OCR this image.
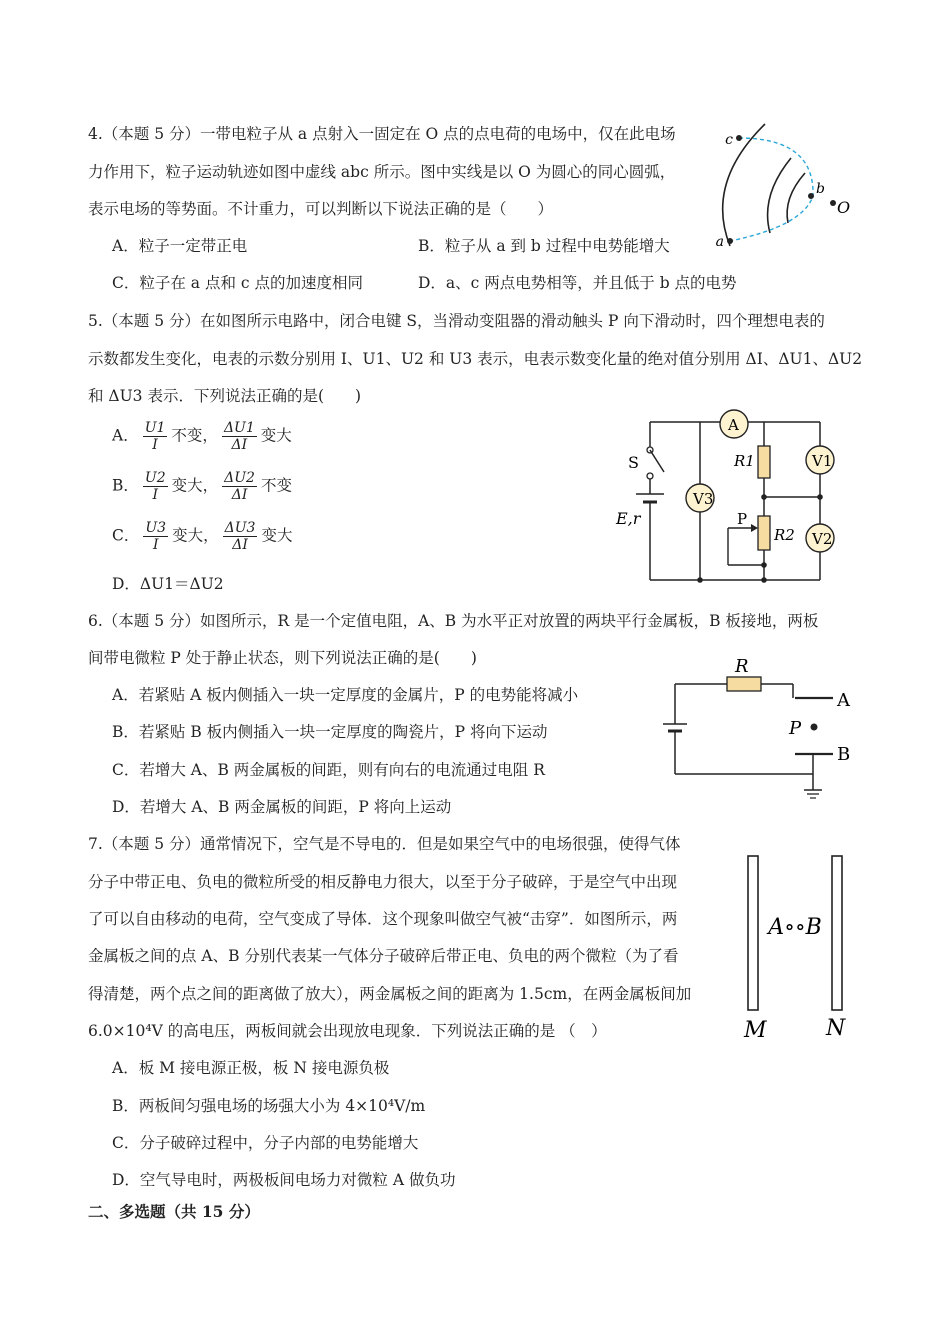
4.（本题 5 分）一带电粒子从 a 点射入一固定在 O 点的点电荷的电场中，仅在此电场
力作用下，粒子运动轨迹如图中虚线 abc 所示。图中实线是以 O 为圆心的同心圆弧，
表示电场的等势面。不计重力，可以判断以下说法正确的是（　　）
A．粒子一定带正电	B．粒子从 a 到 b 过程中电势能增大
C．粒子在 a 点和 c 点的加速度相同	D．a、c 两点电势相等，并且低于 b 点的电势
c
b
a
O
5.（本题 5 分）在如图所示电路中，闭合电键 S，当滑动变阻器的滑动触头 P 向下滑动时，四个理想电表的
示数都发生变化，电表的示数分别用 I、U1、U2 和 U3 表示，电表示数变化量的绝对值分别用 ΔI、ΔU1、ΔU2
和 ΔU3 表示．下列说法正确的是(　　)
A． $\frac{U1}{I}$ 不变， $\frac{\Delta U1}{\Delta I}$ 变大
B． $\frac{U2}{I}$ 变大， $\frac{\Delta U2}{\Delta I}$ 不变
C． $\frac{U3}{I}$ 变大， $\frac{\Delta U3}{\Delta I}$ 变大
D．ΔU1＝ΔU2
S
E,r
V3
A
R1
R2
P
V1
V2
6.（本题 5 分）如图所示，R 是一个定值电阻，A、B 为水平正对放置的两块平行金属板，B 板接地，两板
间带电微粒 P 处于静止状态，则下列说法正确的是(　　)
A．若紧贴 A 板内侧插入一块一定厚度的金属片，P 的电势能将减小
B．若紧贴 B 板内侧插入一块一定厚度的陶瓷片，P 将向下运动
C．若增大 A、B 两金属板的间距，则有向右的电流通过电阻 R
D．若增大 A、B 两金属板的间距，P 将向上运动
R
A
P
B
7.（本题 5 分）通常情况下，空气是不导电的．但是如果空气中的电场很强，使得气体
分子中带正电、负电的微粒所受的相反静电力很大，以至于分子破碎，于是空气中出现
了可以自由移动的电荷，空气变成了导体．这个现象叫做空气被“击穿”．如图所示，两
金属板之间的点 A、B 分别代表某一气体分子破碎后带正电、负电的两个微粒（为了看
得清楚，两个点之间的距离做了放大），两金属板之间的距离为 1.5cm，在两金属板间加
6.0×10⁴V 的高电压，两板间就会出现放电现象．下列说法正确的是 （　）
A．板 M 接电源正极，板 N 接电源负极
B．两板间匀强电场的场强大小为 4×10⁴V/m
C．分子破碎过程中，分子内部的电势能增大
D．空气导电时，两极板间电场力对微粒 A 做负功
A∘∘B
M	N
二、多选题（共 15 分）
